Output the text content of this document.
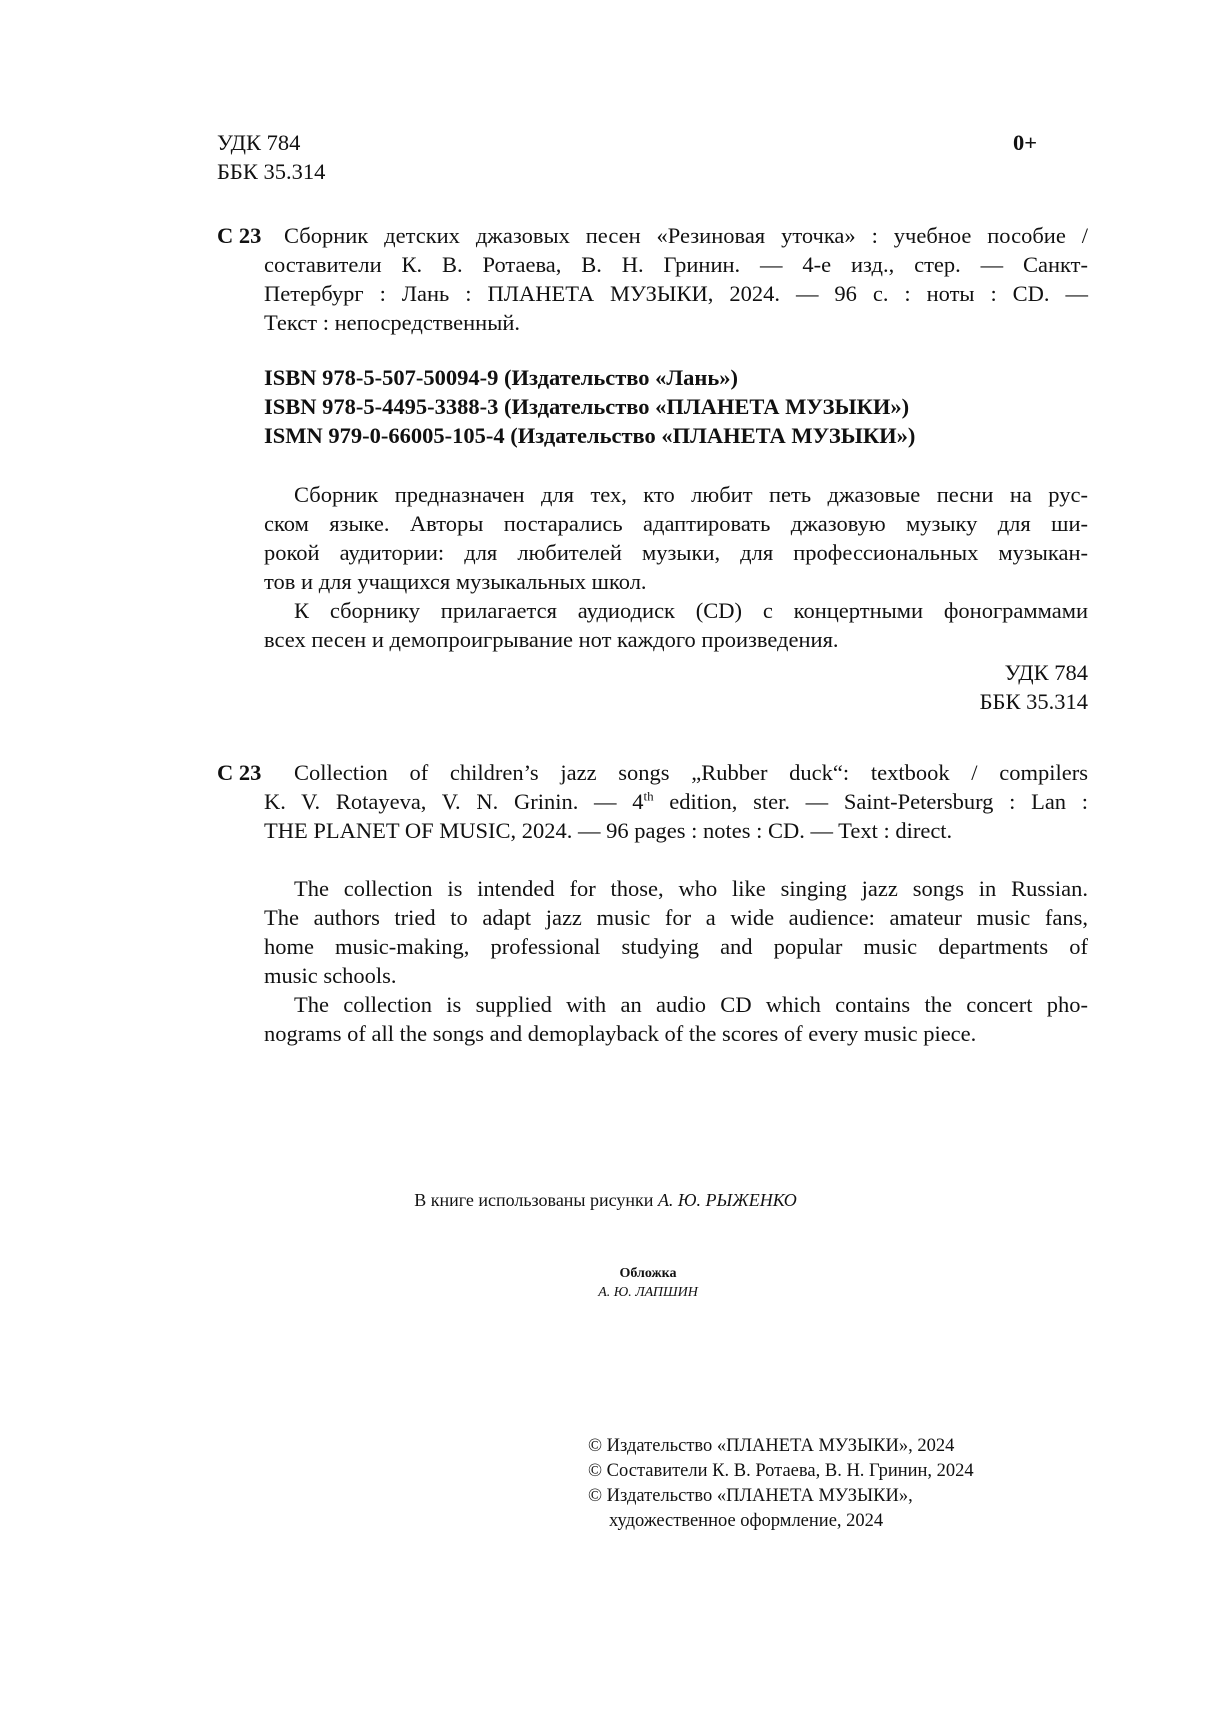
УДК 784
ББК 35.314
0+
С 23 Сборник детских джазовых песен «Резиновая уточка» : учебное пособие /
составители К. В. Ротаева, В. Н. Гринин. — 4-е изд., стер. — Санкт-
Петербург : Лань : ПЛАНЕТА МУЗЫКИ, 2024. — 96 с. : ноты : CD. —
Текст : непосредственный.
ISBN 978-5-507-50094-9 (Издательство «Лань»)
ISBN 978-5-4495-3388-3 (Издательство «ПЛАНЕТА МУЗЫКИ»)
ISMN 979-0-66005-105-4 (Издательство «ПЛАНЕТА МУЗЫКИ»)
Сборник предназначен для тех, кто любит петь джазовые песни на рус-
ском языке. Авторы постарались адаптировать джазовую музыку для ши-
рокой аудитории: для любителей музыки, для профессиональных музыкан-
тов и для учащихся музыкальных школ.
К сборнику прилагается аудиодиск (CD) с концертными фонограммами
всех песен и демопроигрывание нот каждого произведения.
УДК 784
ББК 35.314
С 23 Collection of children’s jazz songs „Rubber duck“: textbook / compilers
K. V. Rotayeva, V. N. Grinin. — 4th edition, ster. — Saint-Petersburg : Lan :
THE PLANET OF MUSIC, 2024. — 96 pages : notes : CD. — Text : direct.
The collection is intended for those, who like singing jazz songs in Russian.
The authors tried to adapt jazz music for a wide audience: amateur music fans,
home music-making, professional studying and popular music departments of
music schools.
The collection is supplied with an audio CD which contains the concert pho-
nograms of all the songs and demoplayback of the scores of every music piece.
В книге использованы рисунки А. Ю. РЫЖЕНКО
Обложка
А. Ю. ЛАПШИН
© Издательство «ПЛАНЕТА МУЗЫКИ», 2024
© Составители К. В. Ротаева, В. Н. Гринин, 2024
© Издательство «ПЛАНЕТА МУЗЫКИ»,
художественное оформление, 2024
